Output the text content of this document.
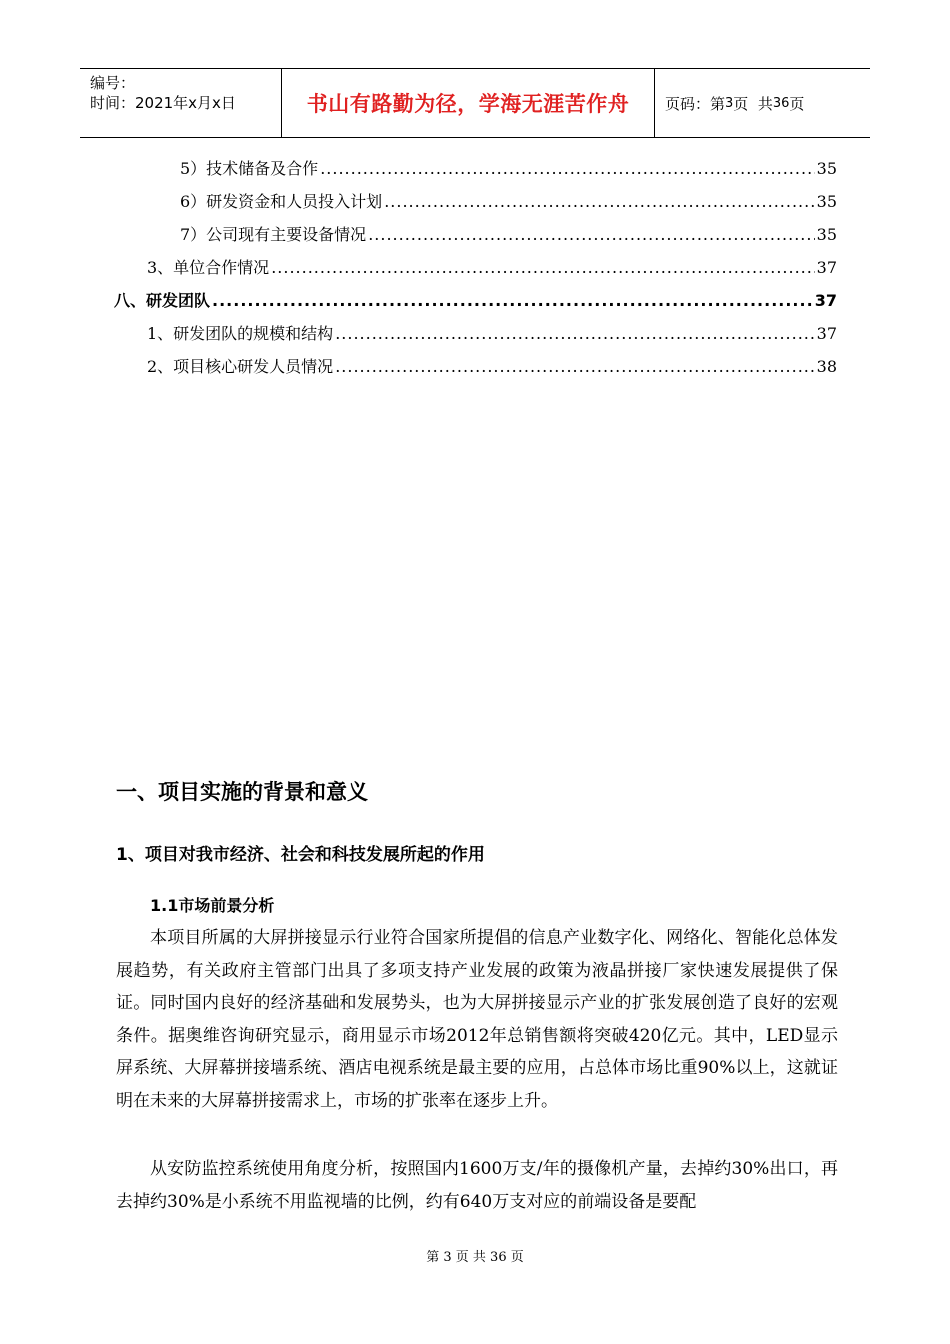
编号：
时间：2021年x月x日	书山有路勤为径，学海无涯苦作舟	页码：第 3 页  共 36 页
5）技术储备及合作 .....	35
6）研发资金和人员投入计划 .....	35
7）公司现有主要设备情况 .....	35
3、单位合作情况 .....	37
八、研发团队 .....	37
1、研发团队的规模和结构 .....	37
2、项目核心研发人员情况 .....	38
一、项目实施的背景和意义
1、项目对我市经济、社会和科技发展所起的作用
1.1市场前景分析

本项目所属的大屏拼接显示行业符合国家所提倡的信息产业数字化、网络化、智能化总体发展趋势，有关政府主管部门出具了多项支持产业发展的政策为液晶拼接厂家快速发展提供了保证。同时国内良好的经济基础和发展势头，也为大屏拼接显示产业的扩张发展创造了良好的宏观条件。据奥维咨询研究显示，商用显示市场2012年总销售额将突破420亿元。其中，LED显示屏系统、大屏幕拼接墙系统、酒店电视系统是最主要的应用，占总体市场比重90%以上，这就证明在未来的大屏幕拼接需求上，市场的扩张率在逐步上升。

从安防监控系统使用角度分析，按照国内1600万支/年的摄像机产量，去掉约30%出口，再去掉约30%是小系统不用监视墙的比例，约有640万支对应的前端设备是要配

第 3 页 共 36 页
